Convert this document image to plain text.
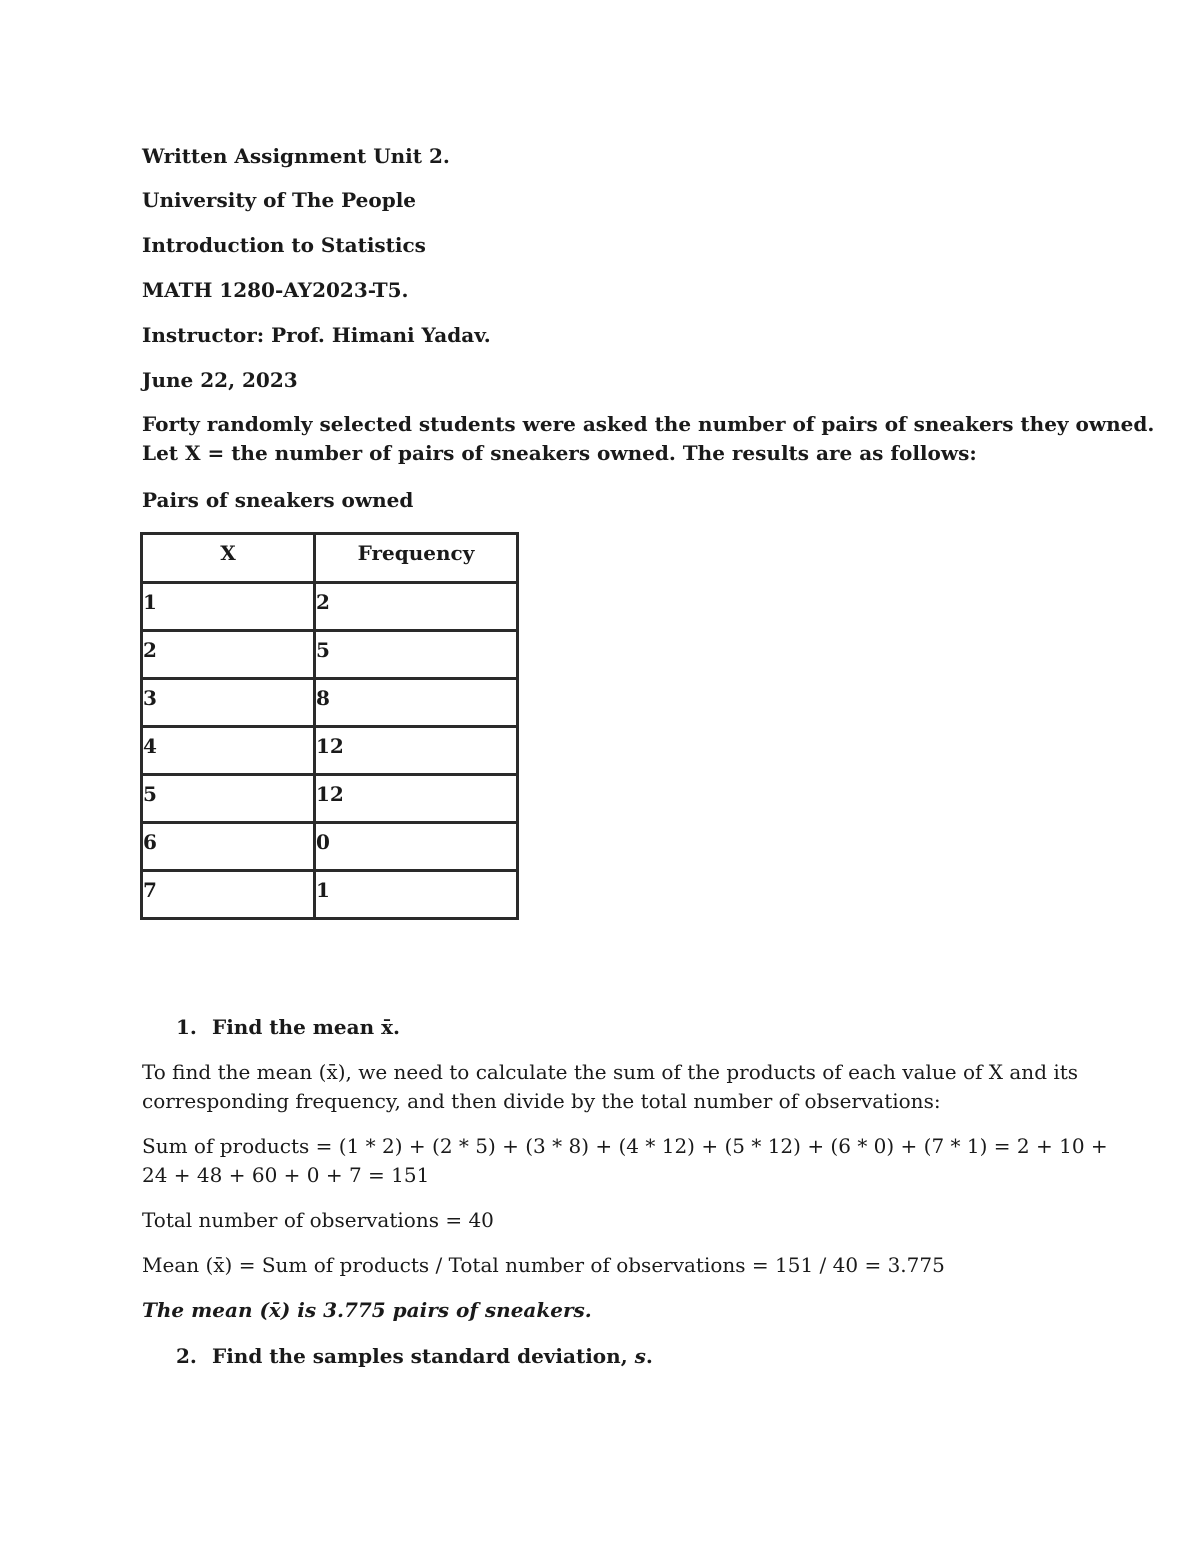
Written Assignment Unit 2.
University of The People
Introduction to Statistics
MATH 1280-AY2023-T5.
Instructor: Prof. Himani Yadav.
June 22, 2023
Forty randomly selected students were asked the number of pairs of sneakers they owned.
Let X = the number of pairs of sneakers owned. The results are as follows:
Pairs of sneakers owned
X	Frequency
1	2
2	5
3	8
4	12
5	12
6	0
7	1
1. Find the mean x̄.
To find the mean (x̄), we need to calculate the sum of the products of each value of X and its
corresponding frequency, and then divide by the total number of observations:
Sum of products = (1 * 2) + (2 * 5) + (3 * 8) + (4 * 12) + (5 * 12) + (6 * 0) + (7 * 1) = 2 + 10 +
24 + 48 + 60 + 0 + 7 = 151
Total number of observations = 40
Mean (x̄) = Sum of products / Total number of observations = 151 / 40 = 3.775
The mean (x̄) is 3.775 pairs of sneakers.
2. Find the samples standard deviation, s.
